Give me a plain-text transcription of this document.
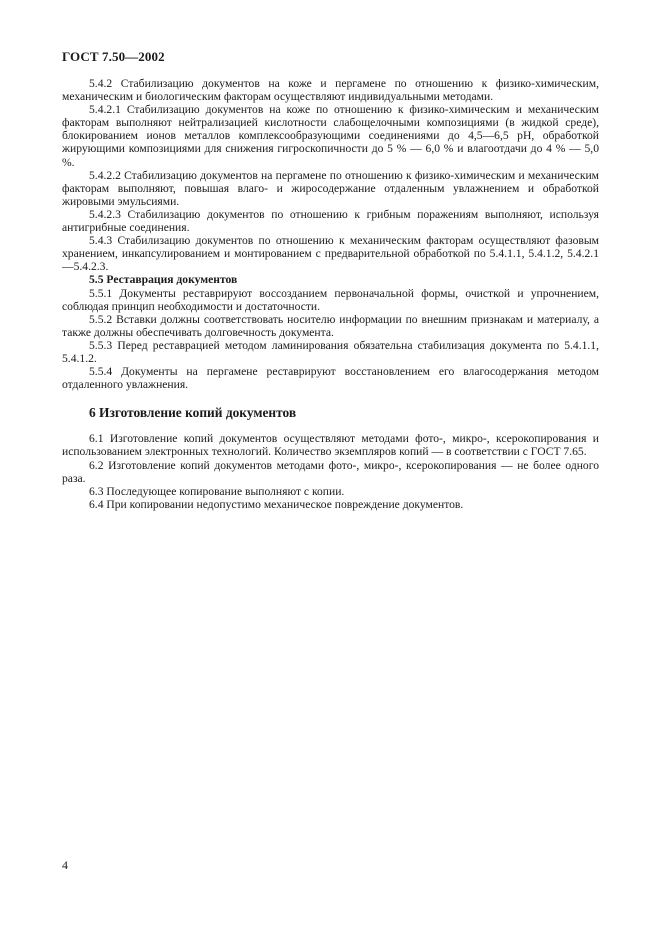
ГОСТ 7.50—2002

5.4.2 Стабилизацию документов на коже и пергамене по отношению к физико-химическим, механическим и биологическим факторам осуществляют индивидуальными методами.

5.4.2.1 Стабилизацию документов на коже по отношению к физико-химическим и механическим факторам выполняют нейтрализацией кислотности слабощелочными композициями (в жидкой среде), блокированием ионов металлов комплексообразующими соединениями до 4,5—6,5 pH, обработкой жирующими композициями для снижения гигроскопичности до 5 % — 6,0 % и влагоотдачи до 4 % — 5,0 %.

5.4.2.2 Стабилизацию документов на пергамене по отношению к физико-химическим и механическим факторам выполняют, повышая влаго- и жиросодержание отдаленным увлажнением и обработкой жировыми эмульсиями.

5.4.2.3 Стабилизацию документов по отношению к грибным поражениям выполняют, используя антигрибные соединения.

5.4.3 Стабилизацию документов по отношению к механическим факторам осуществляют фазовым хранением, инкапсулированием и монтированием с предварительной обработкой по 5.4.1.1, 5.4.1.2, 5.4.2.1—5.4.2.3.

5.5 Реставрация документов

5.5.1 Документы реставрируют воссозданием первоначальной формы, очисткой и упрочнением, соблюдая принцип необходимости и достаточности.

5.5.2 Вставки должны соответствовать носителю информации по внешним признакам и материалу, а также должны обеспечивать долговечность документа.

5.5.3 Перед реставрацией методом ламинирования обязательна стабилизация документа по 5.4.1.1, 5.4.1.2.

5.5.4 Документы на пергамене реставрируют восстановлением его влагосодержания методом отдаленного увлажнения.

6 Изготовление копий документов

6.1 Изготовление копий документов осуществляют методами фото-, микро-, ксерокопирования и использованием электронных технологий. Количество экземпляров копий — в соответствии с ГОСТ 7.65.

6.2 Изготовление копий документов методами фото-, микро-, ксерокопирования — не более одного раза.

6.3 Последующее копирование выполняют с копии.

6.4 При копировании недопустимо механическое повреждение документов.

4
